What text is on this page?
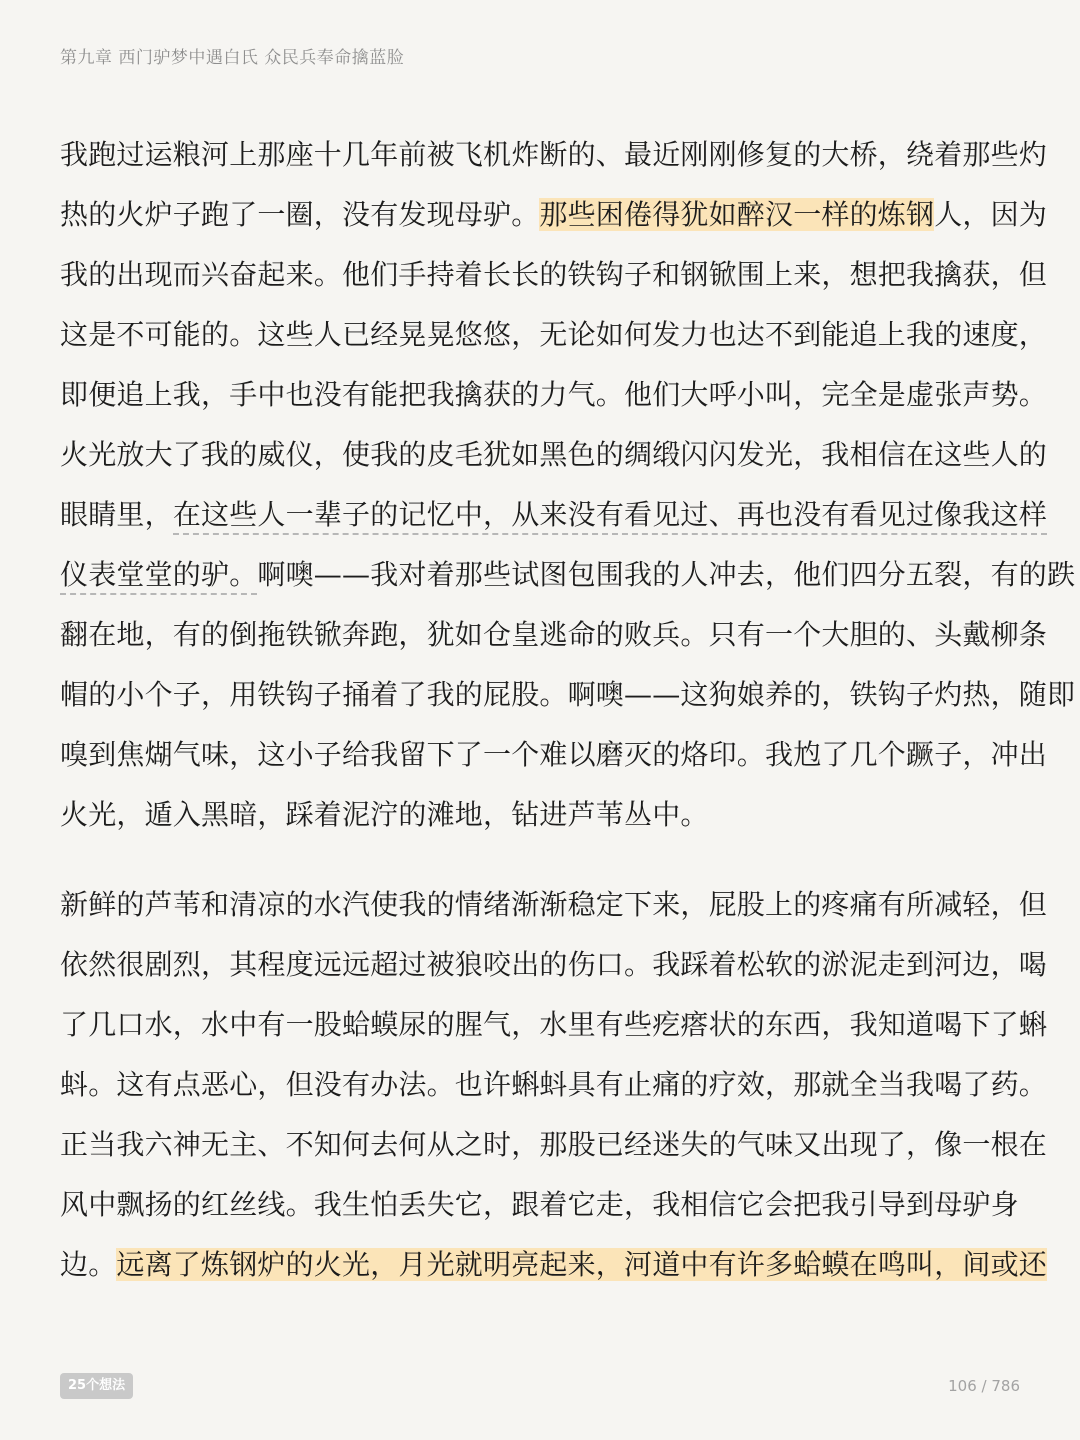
第九章 西门驴梦中遇白氏 众民兵奉命擒蓝脸
我跑过运粮河上那座十几年前被飞机炸断的、最近刚刚修复的大桥，绕着那些灼
热的火炉子跑了一圈，没有发现母驴。那些困倦得犹如醉汉一样的炼钢人，因为
我的出现而兴奋起来。他们手持着长长的铁钩子和钢锨围上来，想把我擒获，但
这是不可能的。这些人已经晃晃悠悠，无论如何发力也达不到能追上我的速度，
即便追上我，手中也没有能把我擒获的力气。他们大呼小叫，完全是虚张声势。
火光放大了我的威仪，使我的皮毛犹如黑色的绸缎闪闪发光，我相信在这些人的
眼睛里，在这些人一辈子的记忆中，从来没有看见过、再也没有看见过像我这样
仪表堂堂的驴。啊噢——我对着那些试图包围我的人冲去，他们四分五裂，有的跌
翻在地，有的倒拖铁锨奔跑，犹如仓皇逃命的败兵。只有一个大胆的、头戴柳条
帽的小个子，用铁钩子捅着了我的屁股。啊噢——这狗娘养的，铁钩子灼热，随即
嗅到焦煳气味，这小子给我留下了一个难以磨灭的烙印。我尥了几个蹶子，冲出
火光，遁入黑暗，踩着泥泞的滩地，钻进芦苇丛中。
新鲜的芦苇和清凉的水汽使我的情绪渐渐稳定下来，屁股上的疼痛有所减轻，但
依然很剧烈，其程度远远超过被狼咬出的伤口。我踩着松软的淤泥走到河边，喝
了几口水，水中有一股蛤蟆尿的腥气，水里有些疙瘩状的东西，我知道喝下了蝌
蚪。这有点恶心，但没有办法。也许蝌蚪具有止痛的疗效，那就全当我喝了药。
正当我六神无主、不知何去何从之时，那股已经迷失的气味又出现了，像一根在
风中飘扬的红丝线。我生怕丢失它，跟着它走，我相信它会把我引导到母驴身
边。远离了炼钢炉的火光，月光就明亮起来，河道中有许多蛤蟆在鸣叫，间或还
25个想法	106 / 786
